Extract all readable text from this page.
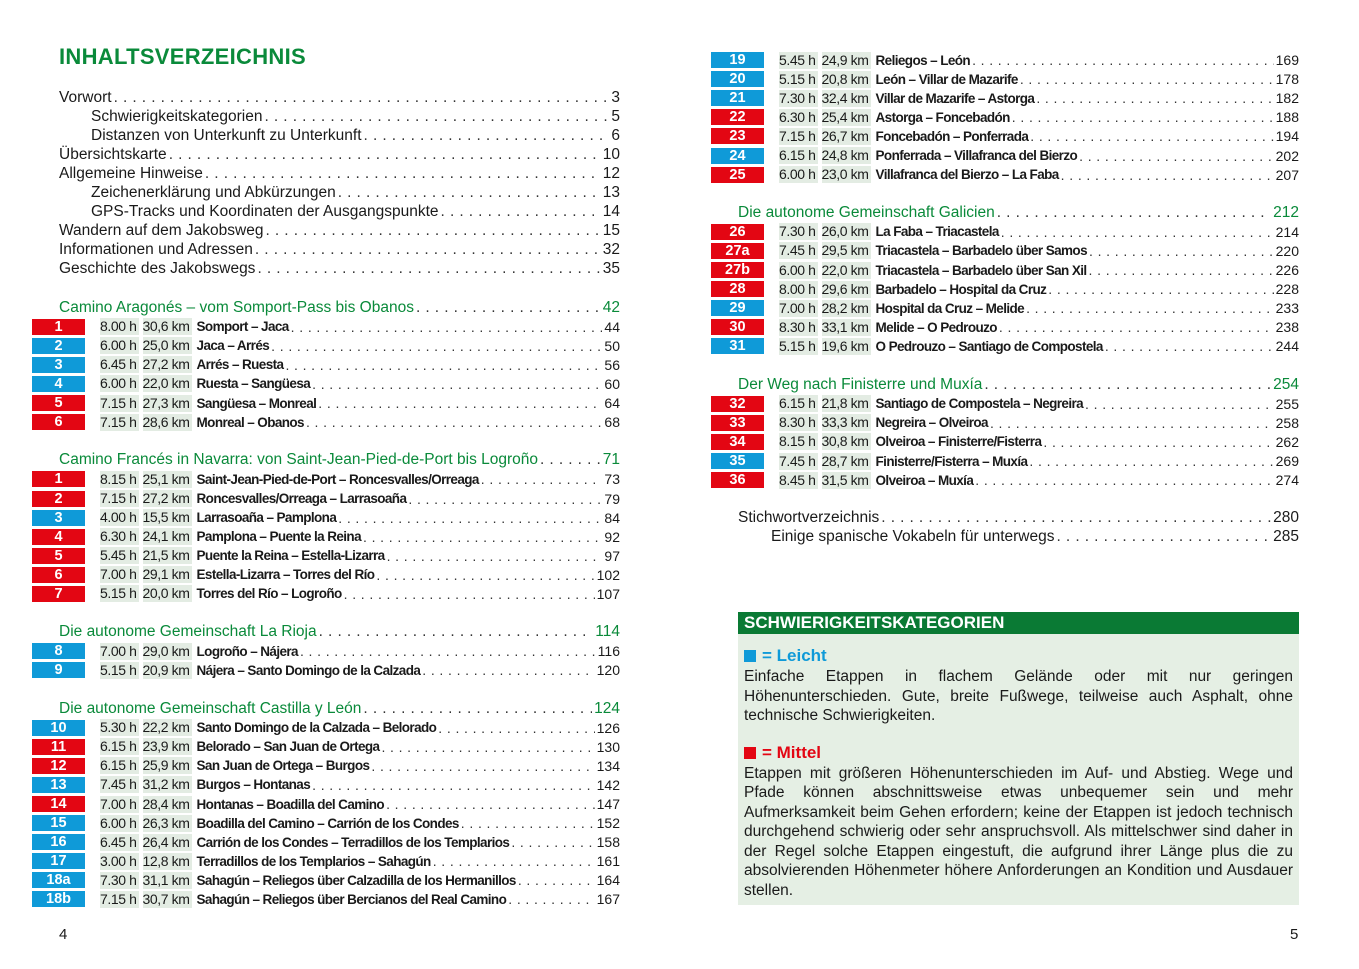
INHALTSVERZEICHNIS
Vorwort . . .	3
Schwierigkeitskategorien . . .	5
Distanzen von Unterkunft zu Unterkunft . . .	6
Übersichtskarte . . .	10
Allgemeine Hinweise . . .	12
Zeichenerklärung und Abkürzungen . . .	13
GPS-Tracks und Koordinaten der Ausgangspunkte . . .	14
Wandern auf dem Jakobsweg . . .	15
Informationen und Adressen . . .	32
Geschichte des Jakobswegs . . .	35
Camino Aragonés – vom Somport-Pass bis Obanos . . .	42
1	8.00 h 30,6 km Somport – Jaca . . .	44
2	6.00 h 25,0 km Jaca – Arrés . . .	50
3	6.45 h 27,2 km Arrés – Ruesta . . .	56
4	6.00 h 22,0 km Ruesta – Sangüesa . . .	60
5	7.15 h 27,3 km Sangüesa – Monreal . . .	64
6	7.15 h 28,6 km Monreal – Obanos . . .	68
Camino Francés in Navarra: von Saint-Jean-Pied-de-Port bis Logroño . . .	71
1	8.15 h 25,1 km Saint-Jean-Pied-de-Port – Roncesvalles/Orreaga . . .	73
2	7.15 h 27,2 km Roncesvalles/Orreaga – Larrasoaña . . .	79
3	4.00 h 15,5 km Larrasoaña – Pamplona . . .	84
4	6.30 h 24,1 km Pamplona – Puente la Reina . . .	92
5	5.45 h 21,5 km Puente la Reina – Estella-Lizarra . . .	97
6	7.00 h 29,1 km Estella-Lizarra – Torres del Río . . .	102
7	5.15 h 20,0 km Torres del Río – Logroño . . .	107
Die autonome Gemeinschaft La Rioja . . .	114
8	7.00 h 29,0 km Logroño – Nájera . . .	116
9	5.15 h 20,9 km Nájera – Santo Domingo de la Calzada . . .	120
Die autonome Gemeinschaft Castilla y León . . .	124
10	5.30 h 22,2 km Santo Domingo de la Calzada – Belorado . . .	126
11	6.15 h 23,9 km Belorado – San Juan de Ortega . . .	130
12	6.15 h 25,9 km San Juan de Ortega – Burgos . . .	134
13	7.45 h 31,2 km Burgos – Hontanas . . .	142
14	7.00 h 28,4 km Hontanas – Boadilla del Camino . . .	147
15	6.00 h 26,3 km Boadilla del Camino – Carrión de los Condes . . .	152
16	6.45 h 26,4 km Carrión de los Condes – Terradillos de los Templarios . . .	158
17	3.00 h 12,8 km Terradillos de los Templarios – Sahagún . . .	161
18a	7.30 h 31,1 km Sahagún – Reliegos über Calzadilla de los Hermanillos . . .	164
18b	7.15 h 30,7 km Sahagún – Reliegos über Bercianos del Real Camino . . .	167
19	5.45 h 24,9 km Reliegos – León . . .	169
20	5.15 h 20,8 km León – Villar de Mazarife . . .	178
21	7.30 h 32,4 km Villar de Mazarife – Astorga . . .	182
22	6.30 h 25,4 km Astorga – Foncebadón . . .	188
23	7.15 h 26,7 km Foncebadón – Ponferrada . . .	194
24	6.15 h 24,8 km Ponferrada – Villafranca del Bierzo . . .	202
25	6.00 h 23,0 km Villafranca del Bierzo – La Faba . . .	207
Die autonome Gemeinschaft Galicien . . .	212
26	7.30 h 26,0 km La Faba – Triacastela . . .	214
27a	7.45 h 29,5 km Triacastela – Barbadelo über Samos . . .	220
27b	6.00 h 22,0 km Triacastela – Barbadelo über San Xil . . .	226
28	8.00 h 29,6 km Barbadelo – Hospital da Cruz . . .	228
29	7.00 h 28,2 km Hospital da Cruz – Melide . . .	233
30	8.30 h 33,1 km Melide – O Pedrouzo . . .	238
31	5.15 h 19,6 km O Pedrouzo – Santiago de Compostela . . .	244
Der Weg nach Finisterre und Muxía . . .	254
32	6.15 h 21,8 km Santiago de Compostela – Negreira . . .	255
33	8.30 h 33,3 km Negreira – Olveiroa . . .	258
34	8.15 h 30,8 km Olveiroa – Finisterre/Fisterra . . .	262
35	7.45 h 28,7 km Finisterre/Fisterra – Muxía . . .	269
36	8.45 h 31,5 km Olveiroa – Muxía . . .	274
Stichwortverzeichnis . . .	280
Einige spanische Vokabeln für unterwegs . . .	285
SCHWIERIGKEITSKATEGORIEN
= Leicht
Einfache Etappen in flachem Gelände oder mit nur geringen Höhenunterschieden. Gute, breite Fußwege, teilweise auch Asphalt, ohne technische Schwierigkeiten.
= Mittel
Etappen mit größeren Höhenunterschieden im Auf- und Abstieg. Wege und Pfade können abschnittsweise etwas unbequemer sein und mehr Aufmerksamkeit beim Gehen erfordern; keine der Etappen ist jedoch technisch durchgehend schwierig oder sehr anspruchsvoll. Als mittelschwer sind daher in der Regel solche Etappen eingestuft, die aufgrund ihrer Länge plus die zu absolvierenden Höhenmeter höhere Anforderungen an Kondition und Ausdauer stellen.
4	5
